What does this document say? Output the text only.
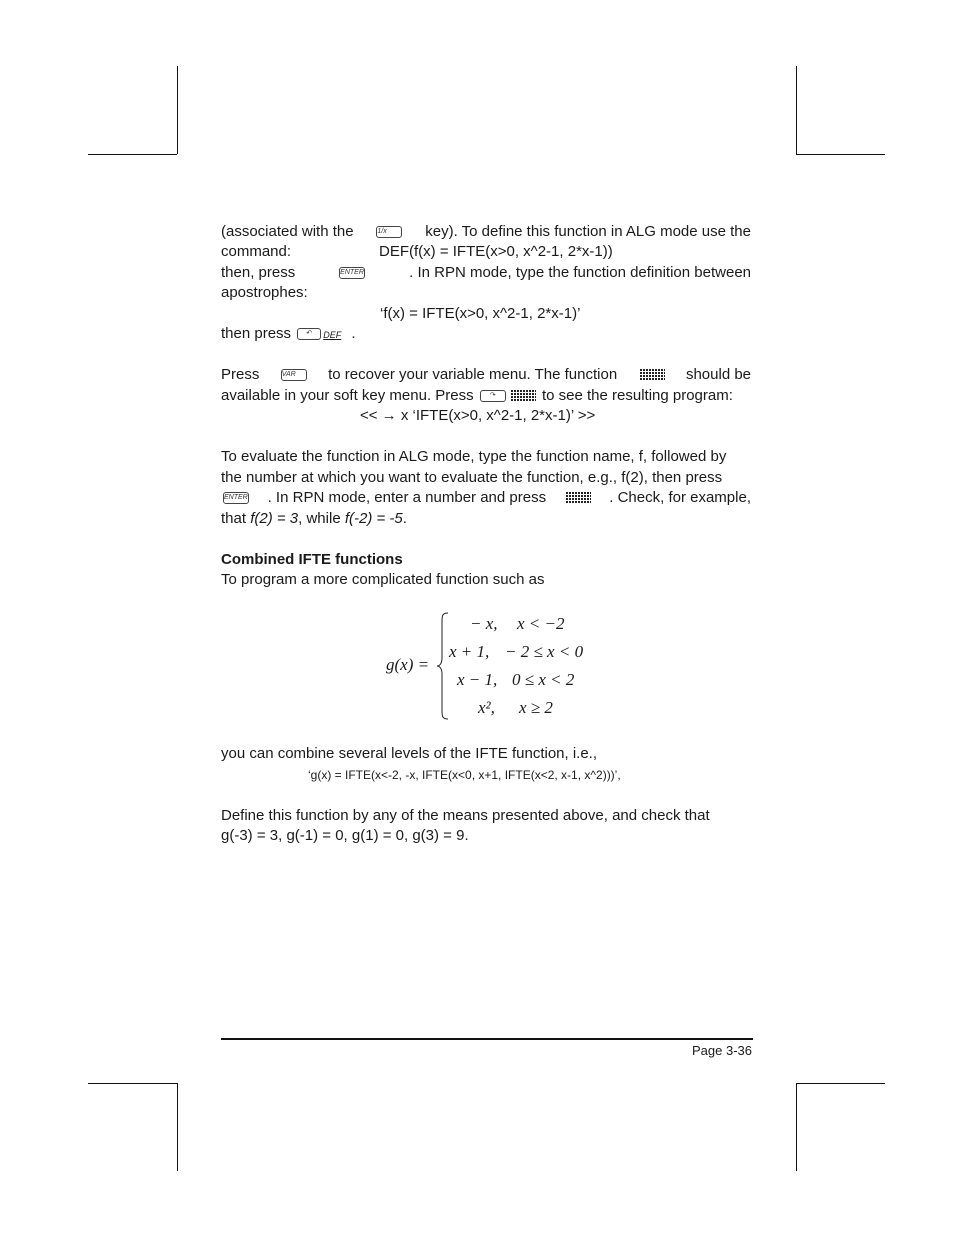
(associated with the	1/x	key). To define this function in ALG mode use the
command:	DEF(f(x) = IFTE(x>0, x^2-1, 2*x-1))
then, press	ENTER	. In RPN mode, type the function definition between
apostrophes:
‘f(x) = IFTE(x>0, x^2-1, 2*x-1)’
then press ↶ DEF .
Press	VAR to recover your variable menu. The function	should be
available in your soft key menu. Press ↷	to see the resulting program:
<< → x ‘IFTE(x>0, x^2-1, 2*x-1)’ >>
To evaluate the function in ALG mode, type the function name, f, followed by
the number at which you want to evaluate the function, e.g., f(2), then press
ENTER . In RPN mode, enter a number and press	. Check, for example,
that f(2) = 3, while f(-2) = -5.
Combined IFTE functions
To program a more complicated function such as
g(x) =
− x, x < −2
x + 1, − 2 ≤ x < 0
x − 1, 0 ≤ x < 2
x², x ≥ 2
you can combine several levels of the IFTE function, i.e.,
‘g(x) = IFTE(x<-2, -x, IFTE(x<0, x+1, IFTE(x<2, x-1, x^2)))’,
Define this function by any of the means presented above, and check that
g(-3) = 3, g(-1) = 0, g(1) = 0, g(3) = 9.
Page 3-36
